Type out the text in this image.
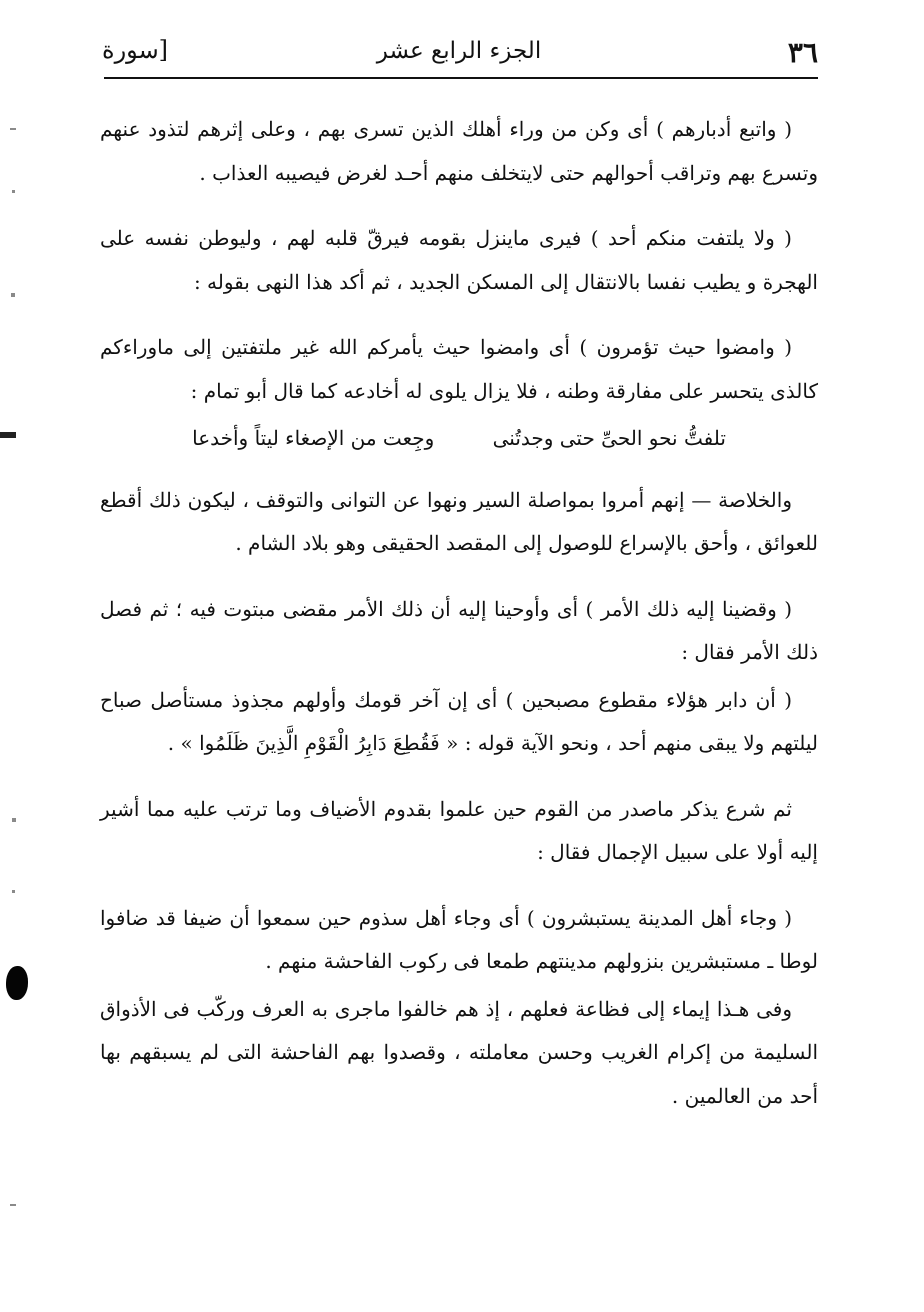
٣٦
الجزء الرابع عشر
[سورة

( واتبع أدبارهم ) أى وكن من وراء أهلك الذين تسرى بهم ، وعلى إثرهم لتذود عنهم وتسرع بهم وتراقب أحوالهم حتى لايتخلف منهم أحـد لغرض فيصيبه العذاب .

( ولا يلتفت منكم أحد ) فيرى ماينزل بقومه فيرقّ قلبه لهم ، وليوطن نفسه على الهجرة و يطيب نفسا بالانتقال إلى المسكن الجديد ، ثم أكد هذا النهى بقوله :

( وامضوا حيث تؤمرون ) أى وامضوا حيث يأمركم الله غير ملتفتين إلى ماوراءكم كالذى يتحسر على مفارقة وطنه ، فلا يزال يلوى له أخادعه كما قال أبو تمام :

تلفتُّ نحو الحىِّ حتى وجدتُنى وجِعت من الإصغاء ليتاً وأخدعا

والخلاصة — إنهم أمروا بمواصلة السير ونهوا عن التوانى والتوقف ، ليكون ذلك أقطع للعوائق ، وأحق بالإسراع للوصول إلى المقصد الحقيقى وهو بلاد الشام .

( وقضينا إليه ذلك الأمر ) أى وأوحينا إليه أن ذلك الأمر مقضى مبتوت فيه ؛ ثم فصل ذلك الأمر فقال :

( أن دابر هؤلاء مقطوع مصبحين ) أى إن آخر قومك وأولهم مجذوذ مستأصل صباح ليلتهم ولا يبقى منهم أحد ، ونحو الآية قوله : « فَقُطِعَ دَابِرُ الْقَوْمِ الَّذِينَ ظَلَمُوا » .

ثم شرع يذكر ماصدر من القوم حين علموا بقدوم الأضياف وما ترتب عليه مما أشير إليه أولا على سبيل الإجمال فقال :

( وجاء أهل المدينة يستبشرون ) أى وجاء أهل سذوم حين سمعوا أن ضيفا قد ضافوا لوطا ـ مستبشرين بنزولهم مدينتهم طمعا فى ركوب الفاحشة منهم .

وفى هـذا إيماء إلى فظاعة فعلهم ، إذ هم خالفوا ماجرى به العرف وركّب فى الأذواق السليمة من إكرام الغريب وحسن معاملته ، وقصدوا بهم الفاحشة التى لم يسبقهم بها أحد من العالمين .
